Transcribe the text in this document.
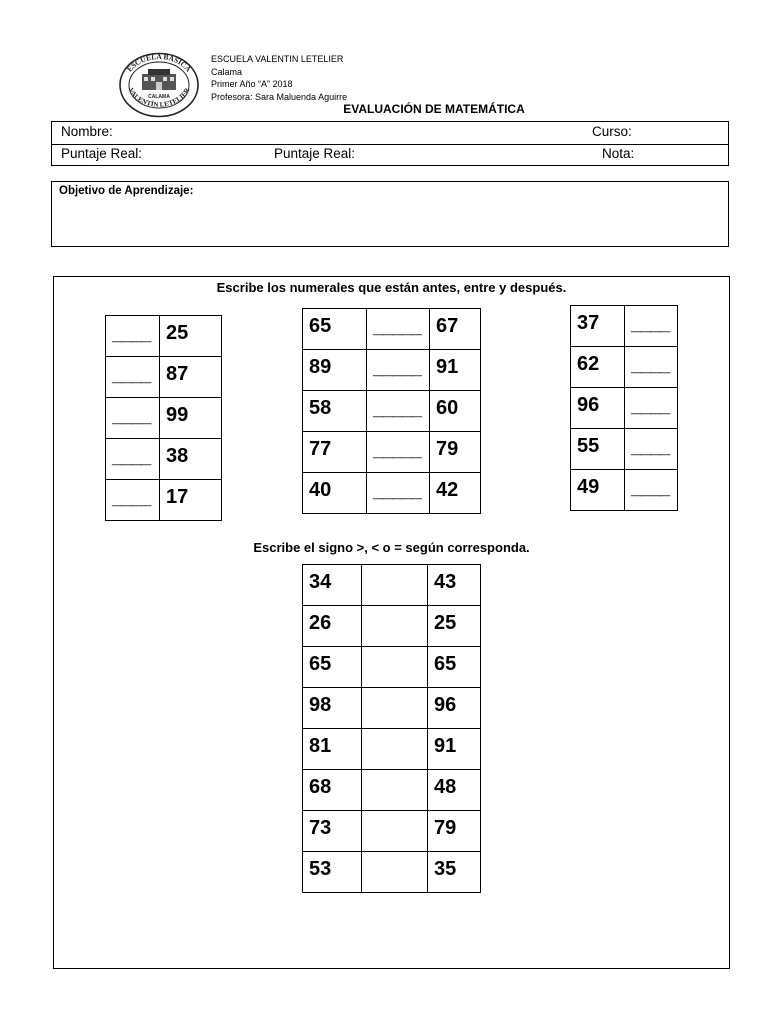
ESCUELA BÁSICA
VALENTÍN LETELIER
CALAMA
ESCUELA VALENTIN LETELIER
Calama
Primer Año “A” 2018
Profesora: Sara Maluenda Aguirre
EVALUACIÓN DE MATEMÁTICA
Nombre:	Curso:
Puntaje Real:	Puntaje Real:	Nota:
Objetivo de Aprendizaje:
Escribe los numerales que están antes, entre y después.
Escribe el signo >, < o = según corresponda.
____	25

____	87

____	99

____	38

____	17
65	_____	67

89	_____	91

58	_____	60

77	_____	79

40	_____	42
37	____

62	____

96	____

55	____

49	____
34		43

26		25

65		65

98		96

81		91

68		48

73		79

53		35
